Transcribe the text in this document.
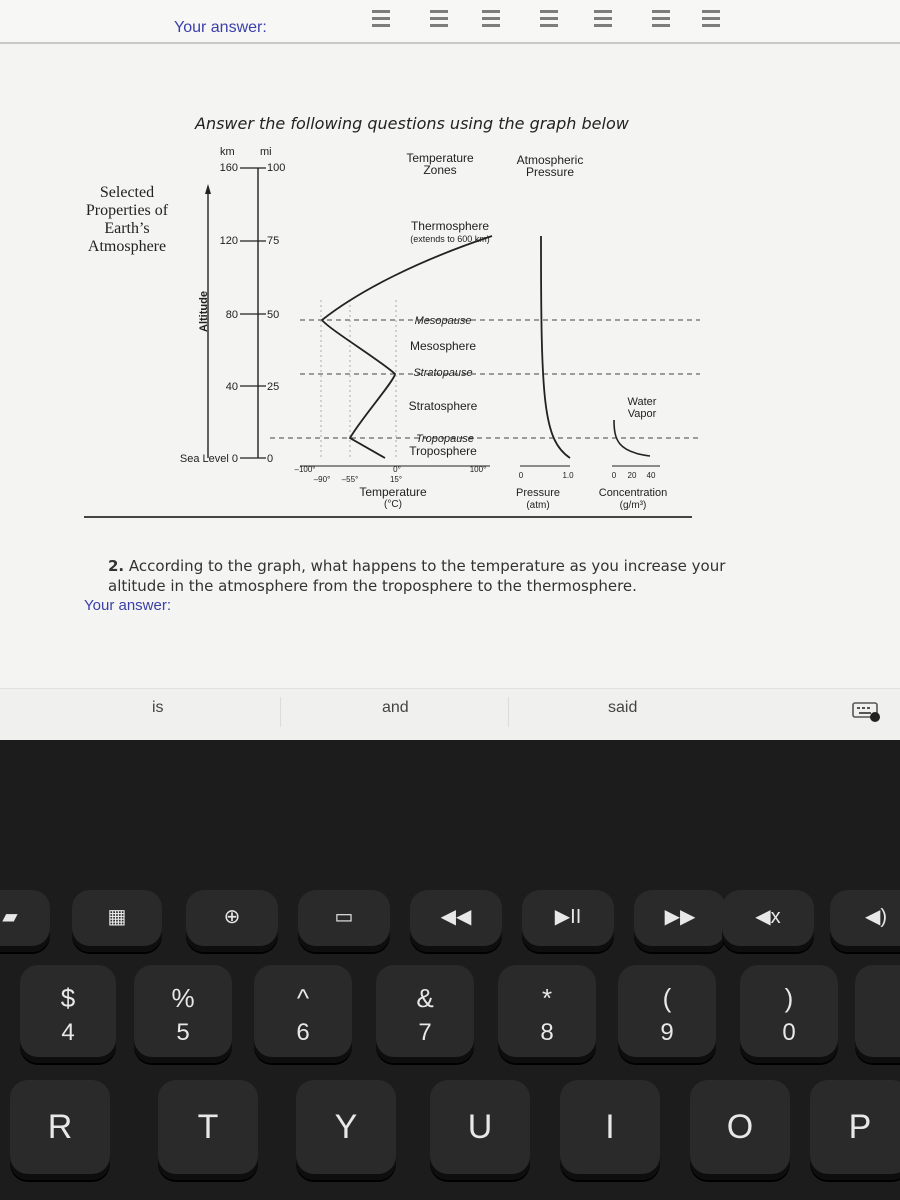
Your answer:
Answer the following questions using the graph below
Selected
Properties of
Earth’s
Atmosphere
km mi
160
120
80
40
Sea Level 0
100
75
50
25
0
Altitude
Temperature
Zones
Atmospheric
Pressure
Thermosphere
(extends to 600 km)
Mesopause
Mesosphere
Stratopause
Stratosphere
Tropopause
Troposphere
Water
Vapor
–100°	0°	100°
–90° –55°	15°
Temperature
(°C)
0	1.0
Pressure
(atm)
0 20 40
Concentration
(g/m³)
2. According to the graph, what happens to the temperature as you increase your altitude in the atmosphere from the troposphere to the thermosphere.
Your answer:
is	and	said
▰	▦	⊕	▭	◀◀	▶II	▶▶	◀x	◀)
$
4
%
5
^
6
&
7
*
8
(
9
)
0
R	T	Y	U	I	O	P
